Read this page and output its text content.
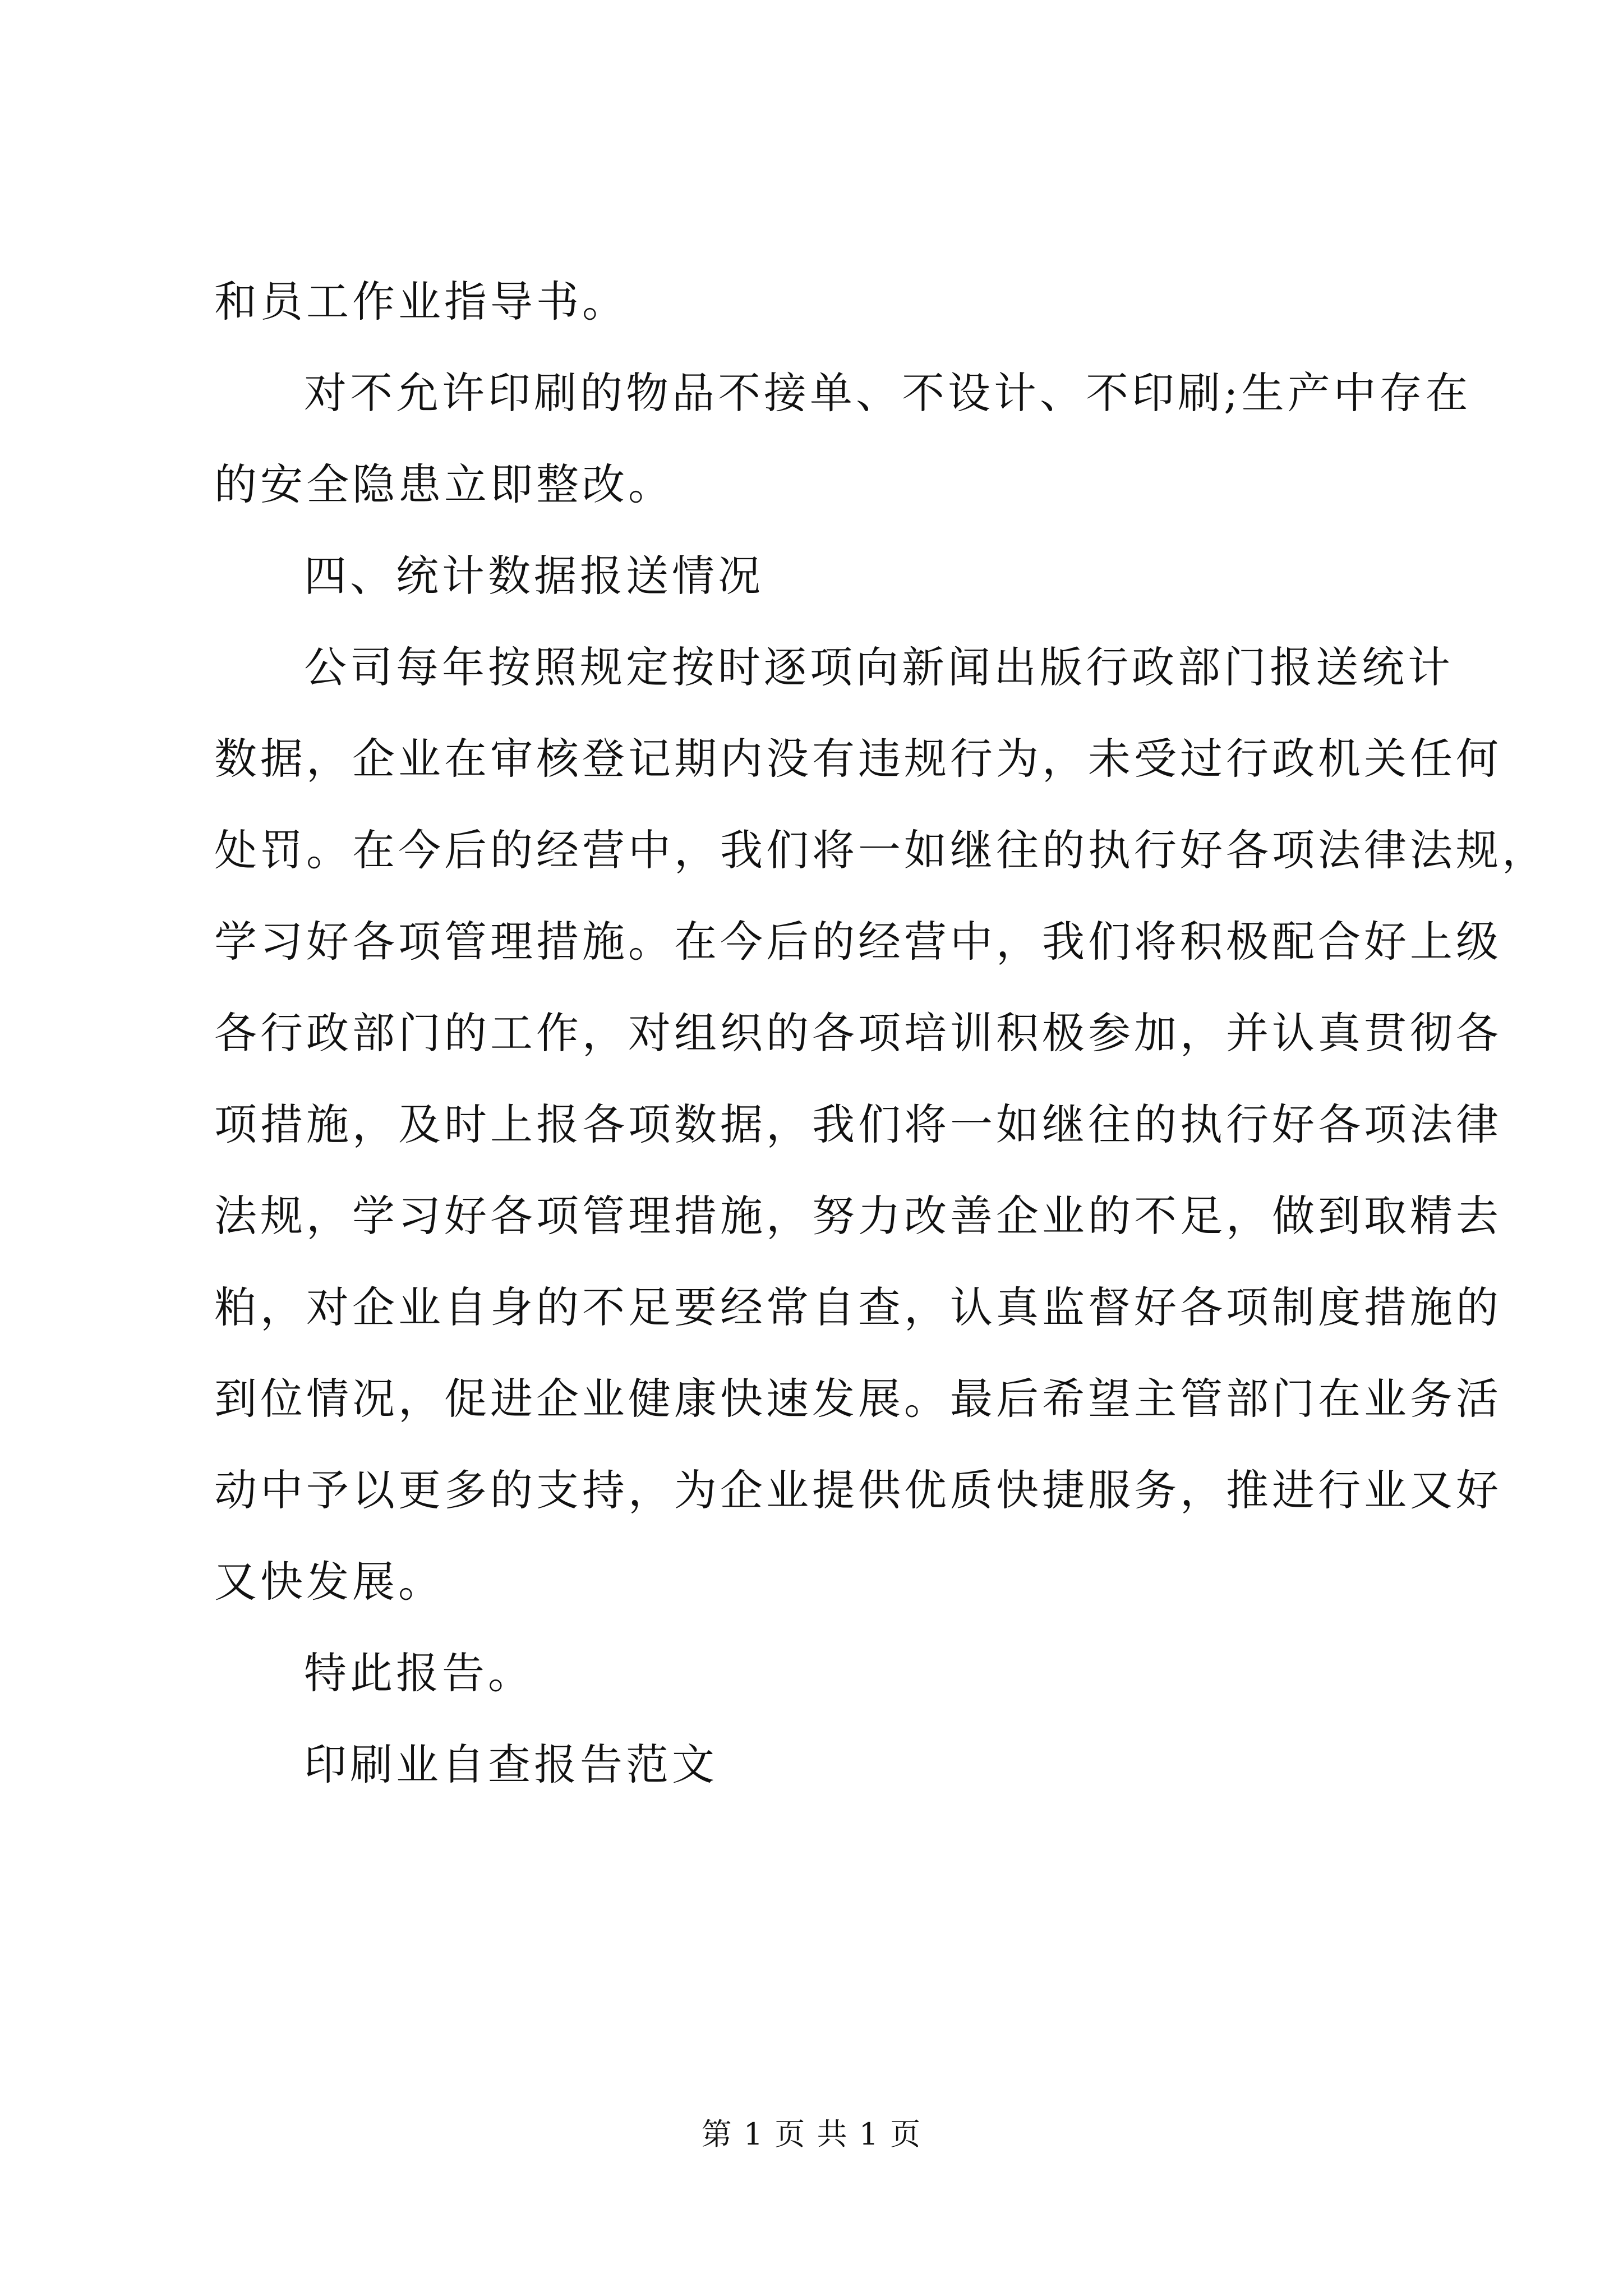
和员工作业指导书。
对不允许印刷的物品不接单、不设计、不印刷;生产中存在
的安全隐患立即整改。
四、统计数据报送情况
公司每年按照规定按时逐项向新闻出版行政部门报送统计
数据，企业在审核登记期内没有违规行为，未受过行政机关任何
处罚。在今后的经营中，我们将一如继往的执行好各项法律法规，
学习好各项管理措施。在今后的经营中，我们将积极配合好上级
各行政部门的工作，对组织的各项培训积极参加，并认真贯彻各
项措施，及时上报各项数据，我们将一如继往的执行好各项法律
法规，学习好各项管理措施，努力改善企业的不足，做到取精去
粕，对企业自身的不足要经常自查，认真监督好各项制度措施的
到位情况，促进企业健康快速发展。最后希望主管部门在业务活
动中予以更多的支持，为企业提供优质快捷服务，推进行业又好
又快发展。
特此报告。
印刷业自查报告范文
第 1 页 共 1 页
